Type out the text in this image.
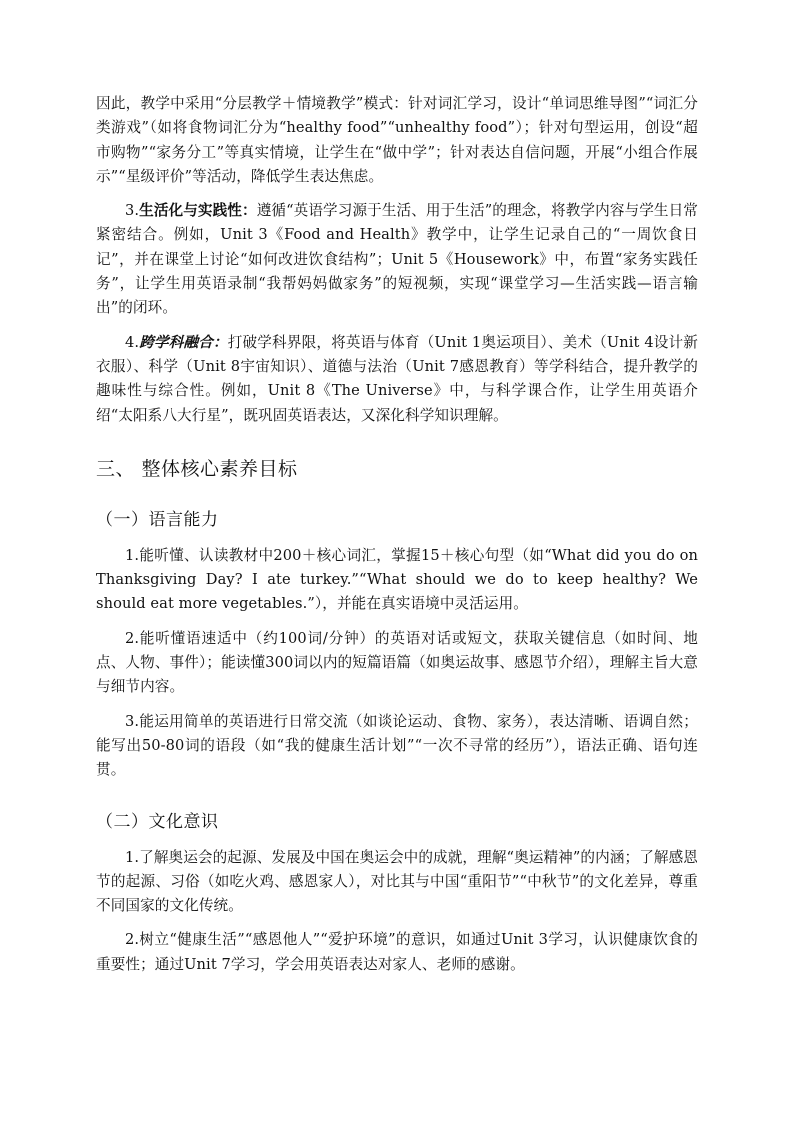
因此，教学中采用“分层教学＋情境教学”模式：针对词汇学习，设计“单词思维导图”“词汇分类游戏”（如将食物词汇分为“healthy food”“unhealthy food”）；针对句型运用，创设“超市购物”“家务分工”等真实情境，让学生在“做中学”；针对表达自信问题，开展“小组合作展示”“星级评价”等活动，降低学生表达焦虑。

3.生活化与实践性：遵循“英语学习源于生活、用于生活”的理念，将教学内容与学生日常紧密结合。例如，Unit 3《Food and Health》教学中，让学生记录自己的“一周饮食日记”，并在课堂上讨论“如何改进饮食结构”；Unit 5《Housework》中，布置“家务实践任务”，让学生用英语录制“我帮妈妈做家务”的短视频，实现“课堂学习—生活实践—语言输出”的闭环。

4.跨学科融合：打破学科界限，将英语与体育（Unit 1奥运项目）、美术（Unit 4设计新衣服）、科学（Unit 8宇宙知识）、道德与法治（Unit 7感恩教育）等学科结合，提升教学的趣味性与综合性。例如，Unit 8《The Universe》中，与科学课合作，让学生用英语介绍“太阳系八大行星”，既巩固英语表达，又深化科学知识理解。

三、 整体核心素养目标
（一）语言能力

1.能听懂、认读教材中200＋核心词汇，掌握15＋核心句型（如“What did you do on Thanksgiving Day? I ate turkey.”“What should we do to keep healthy? We should eat more vegetables.”），并能在真实语境中灵活运用。

2.能听懂语速适中（约100词/分钟）的英语对话或短文，获取关键信息（如时间、地点、人物、事件）；能读懂300词以内的短篇语篇（如奥运故事、感恩节介绍），理解主旨大意与细节内容。

3.能运用简单的英语进行日常交流（如谈论运动、食物、家务），表达清晰、语调自然；能写出50-80词的语段（如“我的健康生活计划”“一次不寻常的经历”），语法正确、语句连贯。

（二）文化意识

1.了解奥运会的起源、发展及中国在奥运会中的成就，理解“奥运精神”的内涵；了解感恩节的起源、习俗（如吃火鸡、感恩家人），对比其与中国“重阳节”“中秋节”的文化差异，尊重不同国家的文化传统。

2.树立“健康生活”“感恩他人”“爱护环境”的意识，如通过Unit 3学习，认识健康饮食的重要性；通过Unit 7学习，学会用英语表达对家人、老师的感谢。
